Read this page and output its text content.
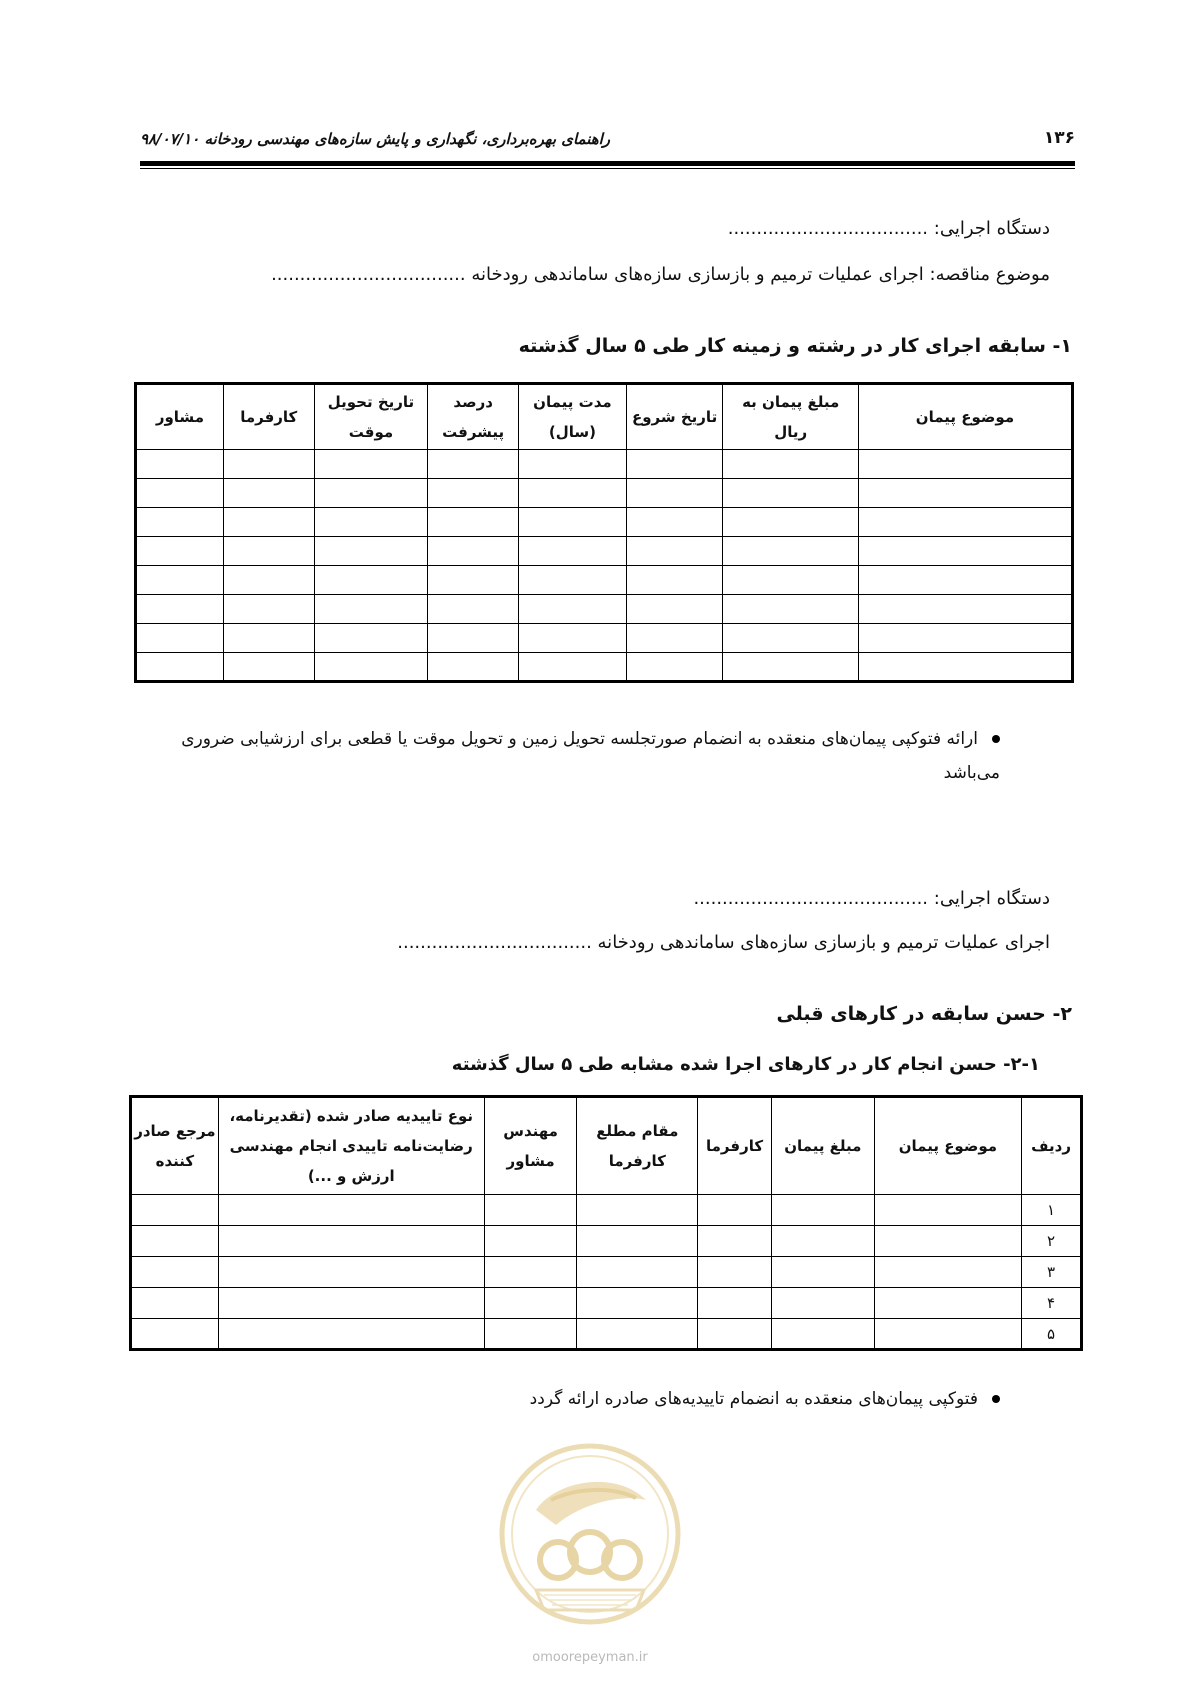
۱۳۶
راهنمای بهره‌برداری، نگهداری و پایش سازه‌های مهندسی رودخانه ۹۸/۰۷/۱۰
دستگاه اجرایی: ...................................
موضوع مناقصه: اجرای عملیات ترمیم و بازسازی سازه‌های ساماندهی رودخانه ..................................
۱- سابقه اجرای کار در رشته و زمینه کار طی ۵ سال گذشته
موضوع پیمان	مبلغ پیمان به ریال	تاریخ شروع	مدت پیمان (سال)	درصد پیشرفت	تاریخ تحویل موقت	کارفرما	مشاور

ارائه فتوکپی پیمان‌های منعقده به انضمام صورتجلسه تحویل زمین و تحویل موقت یا قطعی برای ارزشیابی ضروری می‌باشد
دستگاه اجرایی: .........................................
اجرای عملیات ترمیم و بازسازی سازه‌های ساماندهی رودخانه ..................................
۲- حسن سابقه در کارهای قبلی
۲-۱- حسن انجام کار در کارهای اجرا شده مشابه طی ۵ سال گذشته
ردیف	موضوع پیمان	مبلغ پیمان	کارفرما	مقام مطلع کارفرما	مهندس مشاور	نوع تاییدیه صادر شده (تقدیرنامه، رضایت‌نامه تاییدی انجام مهندسی ارزش و ...)	مرجع صادر کننده
۱							
۲							
۳							
۴							
۵							
فتوکپی پیمان‌های منعقده به انضمام تاییدیه‌های صادره ارائه گردد
omoorepeyman.ir
